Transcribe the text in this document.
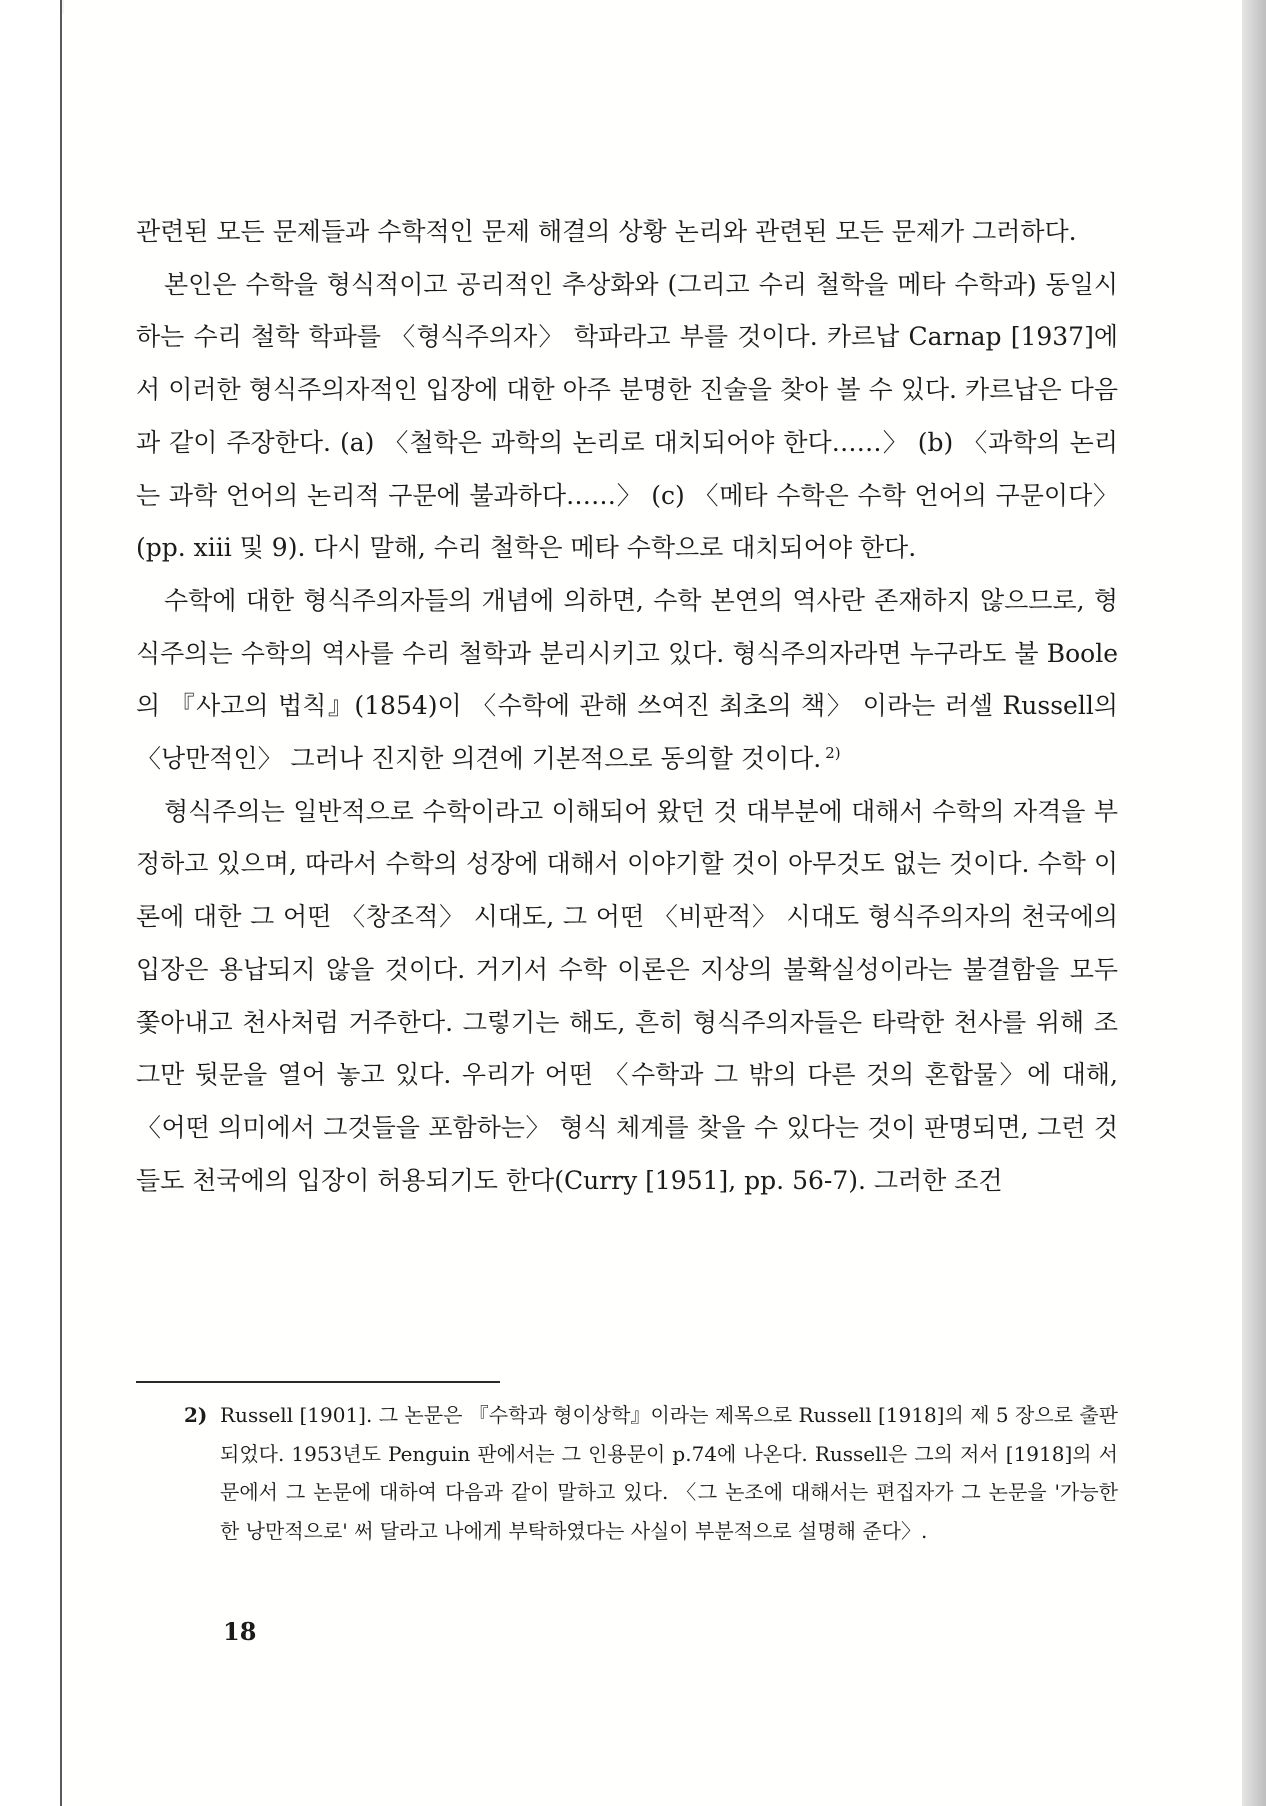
관련된 모든 문제들과 수학적인 문제 해결의 상황 논리와 관련된 모든 문제가 그러하다.

본인은 수학을 형식적이고 공리적인 추상화와 (그리고 수리 철학을 메타 수학과) 동일시하는 수리 철학 학파를 〈형식주의자〉 학파라고 부를 것이다. 카르납 Carnap [1937]에서 이러한 형식주의자적인 입장에 대한 아주 분명한 진술을 찾아 볼 수 있다. 카르납은 다음과 같이 주장한다. (a) 〈철학은 과학의 논리로 대치되어야 한다……〉 (b) 〈과학의 논리는 과학 언어의 논리적 구문에 불과하다……〉 (c) 〈메타 수학은 수학 언어의 구문이다〉(pp. xiii 및 9). 다시 말해, 수리 철학은 메타 수학으로 대치되어야 한다.

수학에 대한 형식주의자들의 개념에 의하면, 수학 본연의 역사란 존재하지 않으므로, 형식주의는 수학의 역사를 수리 철학과 분리시키고 있다. 형식주의자라면 누구라도 불 Boole의 『사고의 법칙』(1854)이 〈수학에 관해 쓰여진 최초의 책〉 이라는 러셀 Russell의 〈낭만적인〉 그러나 진지한 의견에 기본적으로 동의할 것이다. $^{2)}$

형식주의는 일반적으로 수학이라고 이해되어 왔던 것 대부분에 대해서 수학의 자격을 부정하고 있으며, 따라서 수학의 성장에 대해서 이야기할 것이 아무것도 없는 것이다. 수학 이론에 대한 그 어떤 〈창조적〉 시대도, 그 어떤 〈비판적〉 시대도 형식주의자의 천국에의 입장은 용납되지 않을 것이다. 거기서 수학 이론은 지상의 불확실성이라는 불결함을 모두 쫓아내고 천사처럼 거주한다. 그렇기는 해도, 흔히 형식주의자들은 타락한 천사를 위해 조그만 뒷문을 열어 놓고 있다. 우리가 어떤 〈수학과 그 밖의 다른 것의 혼합물〉에 대해, 〈어떤 의미에서 그것들을 포함하는〉 형식 체계를 찾을 수 있다는 것이 판명되면, 그런 것들도 천국에의 입장이 허용되기도 한다(Curry [1951], pp. 56-7). 그러한 조건

2) Russell [1901]. 그 논문은 『수학과 형이상학』이라는 제목으로 Russell [1918]의 제 5 장으로 출판되었다. 1953년도 Penguin 판에서는 그 인용문이 p.74에 나온다. Russell은 그의 저서 [1918]의 서문에서 그 논문에 대하여 다음과 같이 말하고 있다. 〈그 논조에 대해서는 편집자가 그 논문을 '가능한 한 낭만적으로' 써 달라고 나에게 부탁하였다는 사실이 부분적으로 설명해 준다〉.
18
